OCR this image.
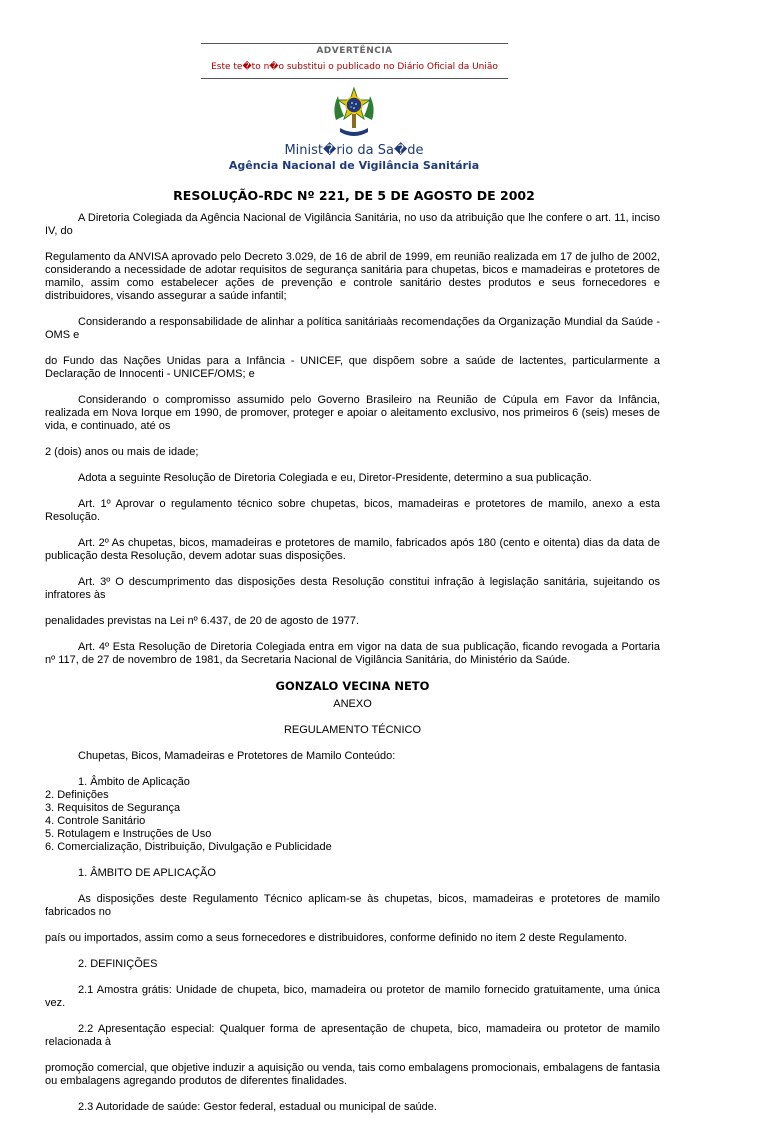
ADVERTÊNCIA
Este te�to n�o substitui o publicado no Diário Oficial da União
Minist�rio da Sa�de
Agência Nacional de Vigilância Sanitária
RESOLUÇÃO-RDC Nº 221, DE 5 DE AGOSTO DE 2002

A Diretoria Colegiada da Agência Nacional de Vigilância Sanitária, no uso da atribuição que lhe confere o art. 11, inciso IV, do

Regulamento da ANVISA aprovado pelo Decreto 3.029, de 16 de abril de 1999, em reunião realizada em 17 de julho de 2002, considerando a necessidade de adotar requisitos de segurança sanitária para chupetas, bicos e mamadeiras e protetores de mamilo, assim como estabelecer ações de prevenção e controle sanitário destes produtos e seus fornecedores e distribuidores, visando assegurar a saúde infantil;

Considerando a responsabilidade de alinhar a política sanitáriaàs recomendações da Organização Mundial da Saúde - OMS e

do Fundo das Nações Unidas para a Infância - UNICEF, que dispõem sobre a saúde de lactentes, particularmente a Declaração de Innocenti - UNICEF/OMS; e

Considerando o compromisso assumido pelo Governo Brasileiro na Reunião de Cúpula em Favor da Infância, realizada em Nova Iorque em 1990, de promover, proteger e apoiar o aleitamento exclusivo, nos primeiros 6 (seis) meses de vida, e continuado, até os

2 (dois) anos ou mais de idade;

Adota a seguinte Resolução de Diretoria Colegiada e eu, Diretor-Presidente, determino a sua publicação.

Art. 1º Aprovar o regulamento técnico sobre chupetas, bicos, mamadeiras e protetores de mamilo, anexo a esta Resolução.

Art. 2º As chupetas, bicos, mamadeiras e protetores de mamilo, fabricados após 180 (cento e oitenta) dias da data de publicação desta Resolução, devem adotar suas disposições.

Art. 3º O descumprimento das disposições desta Resolução constitui infração à legislação sanitária, sujeitando os infratores às

penalidades previstas na Lei nº 6.437, de 20 de agosto de 1977.

Art. 4º Esta Resolução de Diretoria Colegiada entra em vigor na data de sua publicação, ficando revogada a Portaria nº 117, de 27 de novembro de 1981, da Secretaria Nacional de Vigilância Sanitária, do Ministério da Saúde.

GONZALO VECINA NETO

ANEXO

REGULAMENTO TÉCNICO

Chupetas, Bicos, Mamadeiras e Protetores de Mamilo Conteúdo:

1. Âmbito de Aplicação

2. Definições

3. Requisitos de Segurança

4. Controle Sanitário

5. Rotulagem e Instruções de Uso

6. Comercialização, Distribuição, Divulgação e Publicidade

1. ÂMBITO DE APLICAÇÃO

As disposições deste Regulamento Técnico aplicam-se às chupetas, bicos, mamadeiras e protetores de mamilo fabricados no

país ou importados, assim como a seus fornecedores e distribuidores, conforme definido no item 2 deste Regulamento.

2. DEFINIÇÕES

2.1 Amostra grátis: Unidade de chupeta, bico, mamadeira ou protetor de mamilo fornecido gratuitamente, uma única vez.

2.2 Apresentação especial: Qualquer forma de apresentação de chupeta, bico, mamadeira ou protetor de mamilo relacionada à

promoção comercial, que objetive induzir a aquisição ou venda, tais como embalagens promocionais, embalagens de fantasia ou embalagens agregando produtos de diferentes finalidades.

2.3 Autoridade de saúde: Gestor federal, estadual ou municipal de saúde.
